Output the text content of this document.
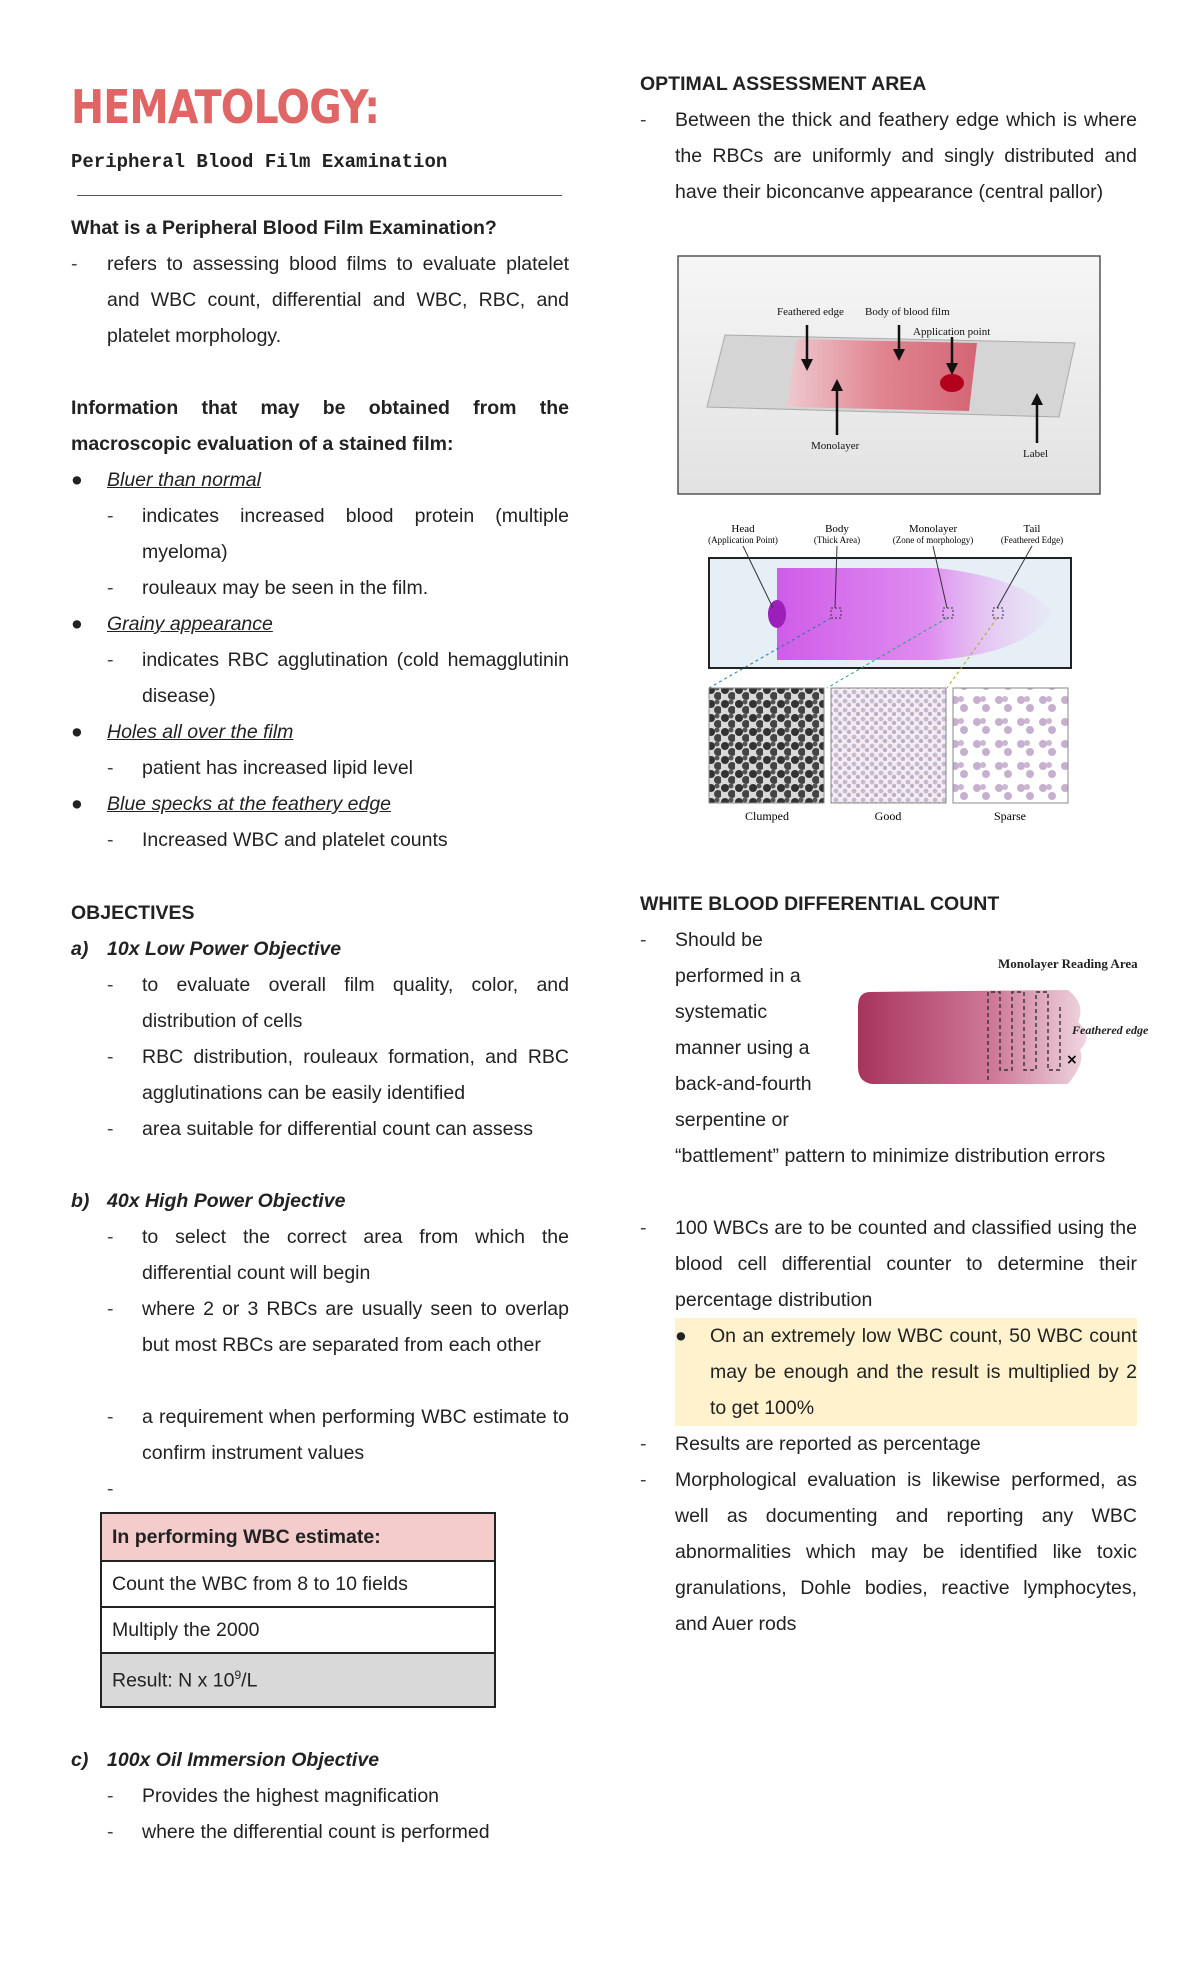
HEMATOLOGY:
Peripheral Blood Film Examination
What is a Peripheral Blood Film Examination?
- refers to assessing blood films to evaluate platelet and WBC count, differential and WBC, RBC, and platelet morphology.
Information that may be obtained from the macroscopic evaluation of a stained film:
● Bluer than normal
- indicates increased blood protein (multiple myeloma)
- rouleaux may be seen in the film.
● Grainy appearance
- indicates RBC agglutination (cold hemagglutinin disease)
● Holes all over the film
- patient has increased lipid level
● Blue specks at the feathery edge
- Increased WBC and platelet counts
OBJECTIVES
a) 10x Low Power Objective
- to evaluate overall film quality, color, and distribution of cells
- RBC distribution, rouleaux formation, and RBC agglutinations can be easily identified
- area suitable for differential count can assess
b) 40x High Power Objective
- to select the correct area from which the differential count will begin
- where 2 or 3 RBCs are usually seen to overlap but most RBCs are separated from each other
- a requirement when performing WBC estimate to confirm instrument values
-
In performing WBC estimate:
Count the WBC from 8 to 10 fields
Multiply the 2000
Result: N x $10^9/L$
c) 100x Oil Immersion Objective
- Provides the highest magnification
- where the differential count is performed
OPTIMAL ASSESSMENT AREA
- Between the thick and feathery edge which is where the RBCs are uniformly and singly distributed and have their biconcanve appearance (central pallor)
Feathered edge Body of blood film
Application point
Monolayer
Label
Head
(Application Point)
Body
(Thick Area)
Monolayer
(Zone of morphology)
Tail
(Feathered Edge)
Clumped	Good	Sparse
WHITE BLOOD DIFFERENTIAL COUNT
- Should be
performed in a
systematic
manner using a
back-and-fourth
serpentine or
×
Monolayer Reading Area
Feathered edge
“battlement” pattern to minimize distribution errors
- 100 WBCs are to be counted and classified using the blood cell differential counter to determine their percentage distribution
● On an extremely low WBC count, 50 WBC count may be enough and the result is multiplied by 2 to get 100%
- Results are reported as percentage
- Morphological evaluation is likewise performed, as well as documenting and reporting any WBC abnormalities which may be identified like toxic granulations, Dohle bodies, reactive lymphocytes, and Auer rods
